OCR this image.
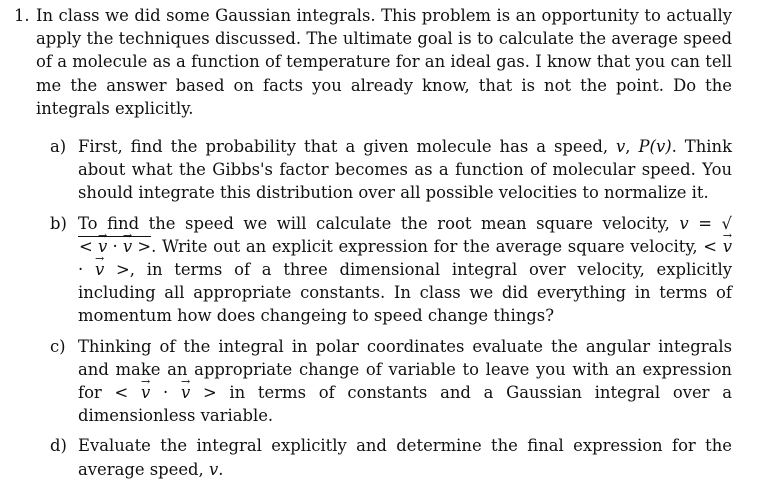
1. In class we did some Gaussian integrals. This problem is an opportunity to actually apply the techniques discussed. The ultimate goal is to calculate the average speed of a molecule as a function of temperature for an ideal gas. I know that you can tell me the answer based on facts you already know, that is not the point. Do the integrals explicitly.
a) First, find the probability that a given molecule has a speed, v, P(v). Think about what the Gibbs's factor becomes as a function of molecular speed. You should integrate this distribution over all possible velocities to normalize it.
b) To find the speed we will calculate the root mean square velocity, v = √< → v · → v >. Write out an explicit expression for the average square velocity, < → v · → v >, in terms of a three dimensional integral over velocity, explicitly including all appropriate constants. In class we did everything in terms of momentum how does changeing to speed change things?
c) Thinking of the integral in polar coordinates evaluate the angular integrals and make an appropriate change of variable to leave you with an expression for < → v · → v > in terms of constants and a Gaussian integral over a dimensionless variable.
d) Evaluate the integral explicitly and determine the final expression for the average speed, v.
